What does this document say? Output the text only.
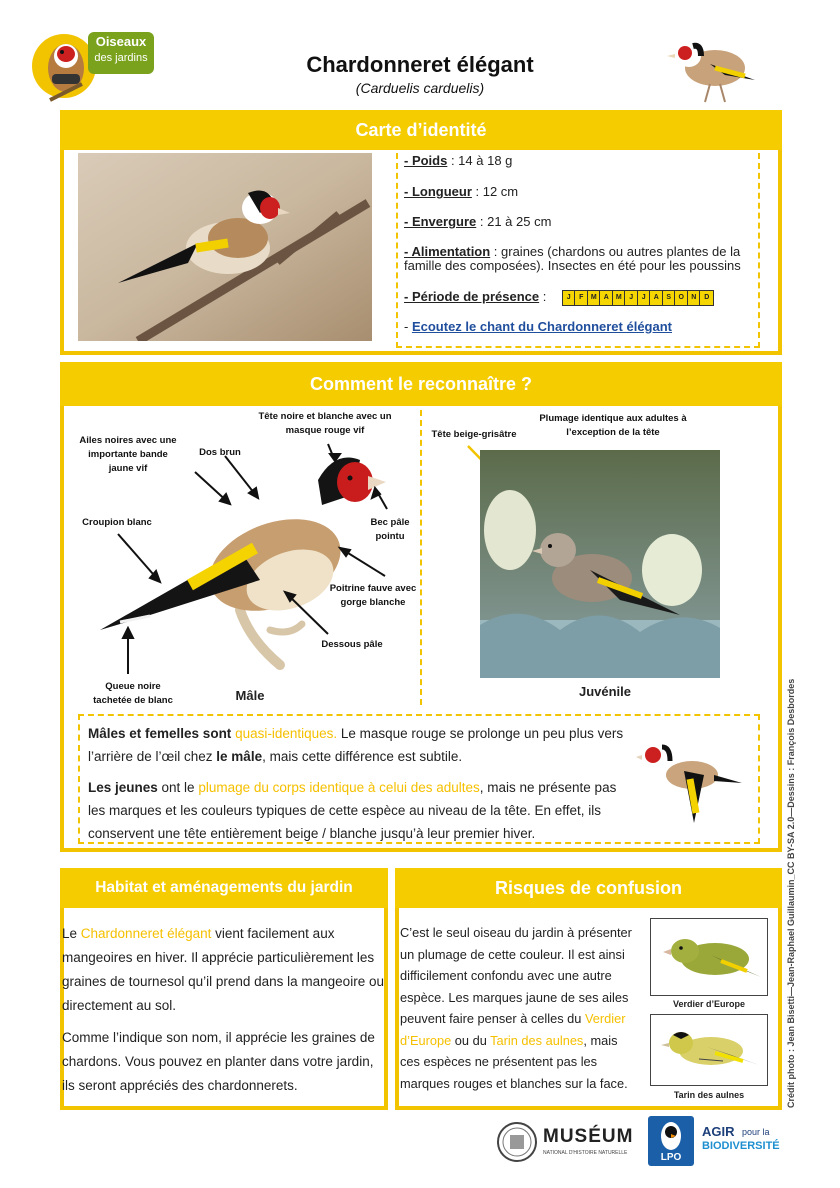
Oiseaux
des jardins	Chardonneret élégant
(Carduelis carduelis)
Carte d’identité
- Poids : 14 à 18 g
- Longueur : 12 cm
- Envergure : 21 à 25 cm
- Alimentation : graines (chardons ou autres plantes de la famille des composées). Insectes en été pour les poussins
- Période de présence :	J	F	M	A	M	J	J	A	S	O	N	D
- Ecoutez le chant du Chardonneret élégant
Comment le reconnaître ?
Tête noire et blanche avec un masque rouge vif
Ailes noires avec une importante bande jaune vif
Dos brun
Croupion blanc	Bec pâle pointu
Poitrine fauve avec gorge blanche
Dessous pâle
Queue noire tachetée de blanc	Mâle
Plumage identique aux adultes à l’exception de la tête
Tête beige-grisâtre
Juvénile

Mâles et femelles sont quasi-identiques. Le masque rouge se prolonge un peu plus vers l’arrière de l’œil chez le mâle, mais cette différence est subtile.

Les jeunes ont le plumage du corps identique à celui des adultes, mais ne présente pas les marques et les couleurs typiques de cette espèce au niveau de la tête. En effet, ils conservent une tête entièrement beige / blanche jusqu’à leur premier hiver.

Habitat et aménagements du jardin

Le Chardonneret élégant vient facilement aux mangeoires en hiver. Il apprécie particulièrement les graines de tournesol qu’il prend dans la mangeoire ou directement au sol.

Comme l’indique son nom, il apprécie les graines de chardons. Vous pouvez en planter dans votre jardin, ils seront appréciés des chardonnerets.

Risques de confusion
C’est le seul oiseau du jardin à présenter un plumage de cette couleur. Il est ainsi difficilement confondu avec une autre espèce. Les marques jaune de ses ailes peuvent faire penser à celles du Verdier d’Europe ou du Tarin des aulnes, mais ces espèces ne présentent pas les marques rouges et blanches sur la face.
Verdier d’Europe
Tarin des aulnes	Crédit photo : Jean Bisetti—Jean-Raphael Guillaumin_CC BY-SA 2.0—Dessins : François Desbordes
MUSÉUM
NATIONAL D'HISTOIRE NATURELLE	LPO
AGIR pour la
BIODIVERSITÉ
